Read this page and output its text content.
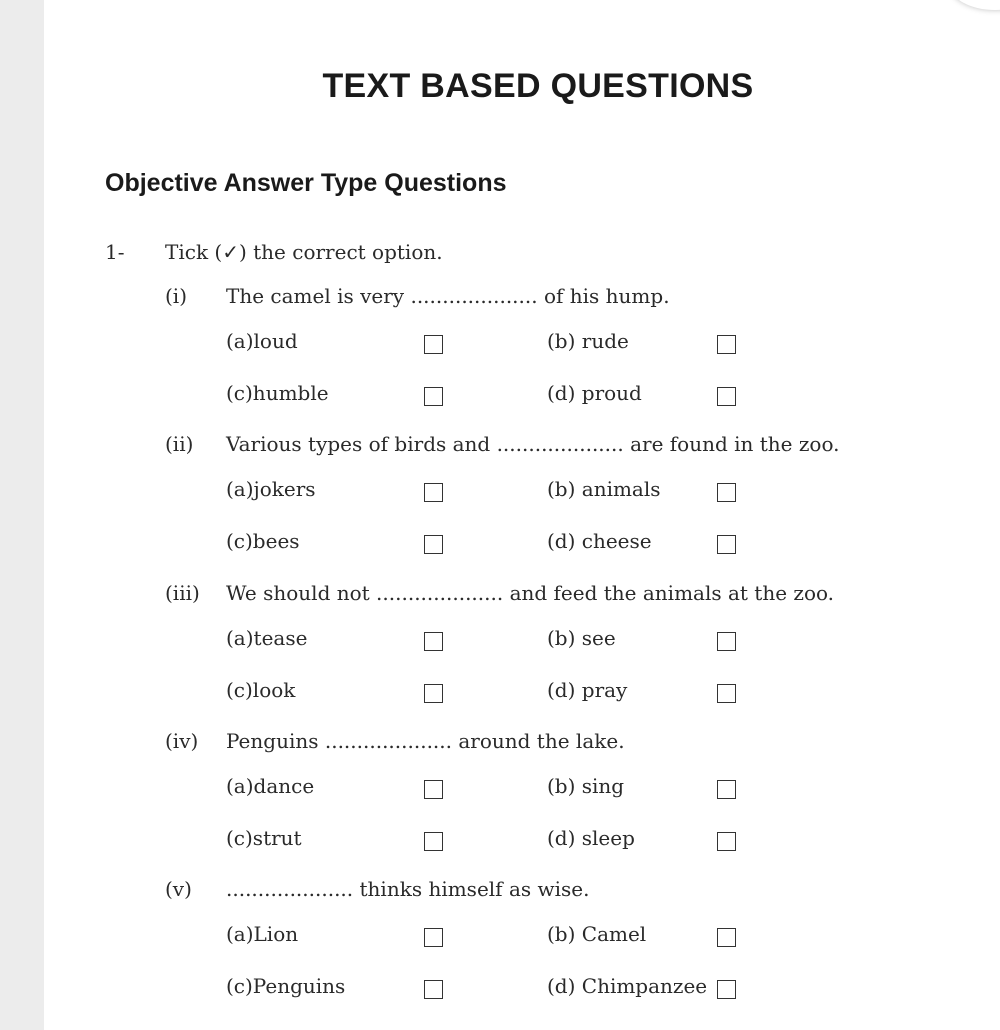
TEXT BASED QUESTIONS
Objective Answer Type Questions
1- Tick (✓) the correct option.
(i) The camel is very .................... of his hump.
(a)loud	(b) rude
(c)humble	(d) proud
(ii) Various types of birds and .................... are found in the zoo.
(a)jokers	(b) animals
(c)bees	(d) cheese
(iii) We should not .................... and feed the animals at the zoo.
(a)tease	(b) see
(c)look	(d) pray
(iv) Penguins .................... around the lake.
(a)dance	(b) sing
(c)strut	(d) sleep
(v) .................... thinks himself as wise.
(a)Lion	(b) Camel
(c)Penguins	(d) Chimpanzee
